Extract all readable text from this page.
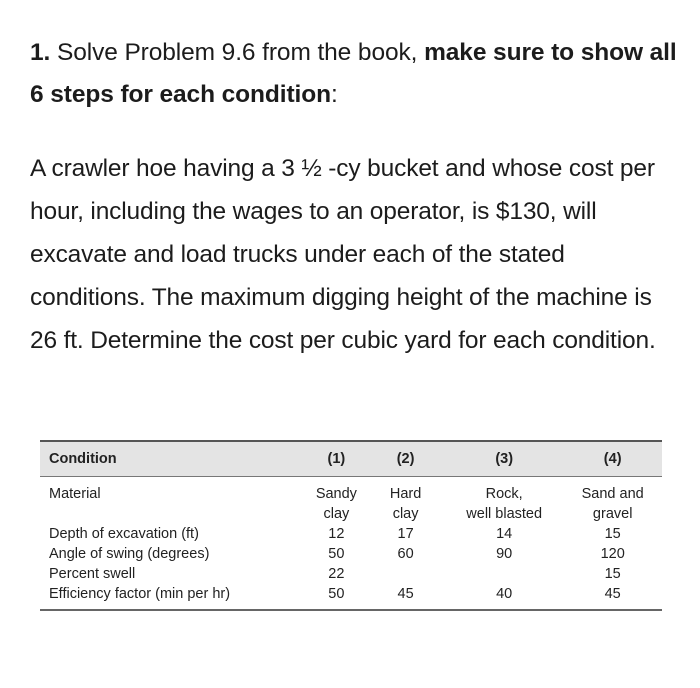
1. Solve Problem 9.6 from the book, make sure to show all 6 steps for each condition:
A crawler hoe having a 3 ½ -cy bucket and whose cost per hour, including the wages to an operator, is $130, will excavate and load trucks under each of the stated conditions. The maximum digging height of the machine is 26 ft. Determine the cost per cubic yard for each condition.
Condition	(1)	(2)	(3)	(4)
Material	Sandy	Hard	Rock,	Sand and
	clay	clay	well blasted	gravel
Depth of excavation (ft)	12	17	14	15
Angle of swing (degrees)	50	60	90	120
Percent swell	22			15
Efficiency factor (min per hr)	50	45	40	45
